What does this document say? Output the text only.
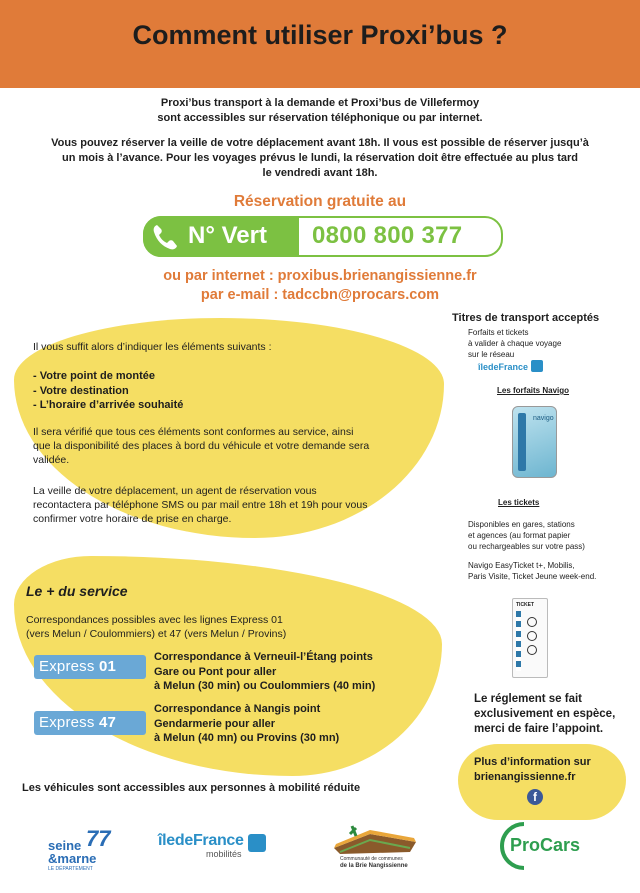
Comment utiliser Proxi’bus ?
Proxi’bus transport à la demande et Proxi’bus de Villefermoy
sont accessibles sur réservation téléphonique ou par internet.
Vous pouvez réserver la veille de votre déplacement avant 18h. Il vous est possible de réserver jusqu’à
un mois à l’avance. Pour les voyages prévus le lundi, la réservation doit être effectuée au plus tard
le vendredi avant 18h.
Réservation gratuite au
N° Vert 0800 800 377
ou par internet : proxibus.brienangissienne.fr
par e-mail : tadccbn@procars.com
Il vous suffit alors d’indiquer les éléments suivants :
- Votre point de montée
- Votre destination
- L’horaire d’arrivée souhaité
Il sera vérifié que tous ces éléments sont conformes au service, ainsi
que la disponibilité des places à bord du véhicule et votre demande sera
validée.
La veille de votre déplacement, un agent de réservation vous
recontactera par téléphone SMS ou par mail entre 18h et 19h pour vous
confirmer votre horaire de prise en charge.
Le + du service
Correspondances possibles avec les lignes Express 01
(vers Melun / Coulommiers) et 47 (vers Melun / Provins)
Express 01
Correspondance à Verneuil-l’Étang points
Gare ou Pont pour aller
à Melun (30 min) ou Coulommiers (40 min)
Express 47
Correspondance à Nangis point
Gendarmerie pour aller
à Melun (40 mn) ou Provins (30 mn)
Les véhicules sont accessibles aux personnes à mobilité réduite
Titres de transport acceptés
Forfaits et tickets
à valider à chaque voyage
sur le réseau
îledeFrance
Les forfaits Navigo
navigo
Les tickets
Disponibles en gares, stations
et agences (au format papier
ou rechargeables sur votre pass)
Navigo EasyTicket t+, Mobilis,
Paris Visite, Ticket Jeune week-end.
TICKET
Le réglement se fait
exclusivement en espèce,
merci de faire l’appoint.
Plus d’information sur
brienangissienne.fr
f
77
seine
&marne
LE DÉPARTEMENT
îledeFrance
mobilités	Communauté de communes
de la Brie Nangissienne
ProCars
